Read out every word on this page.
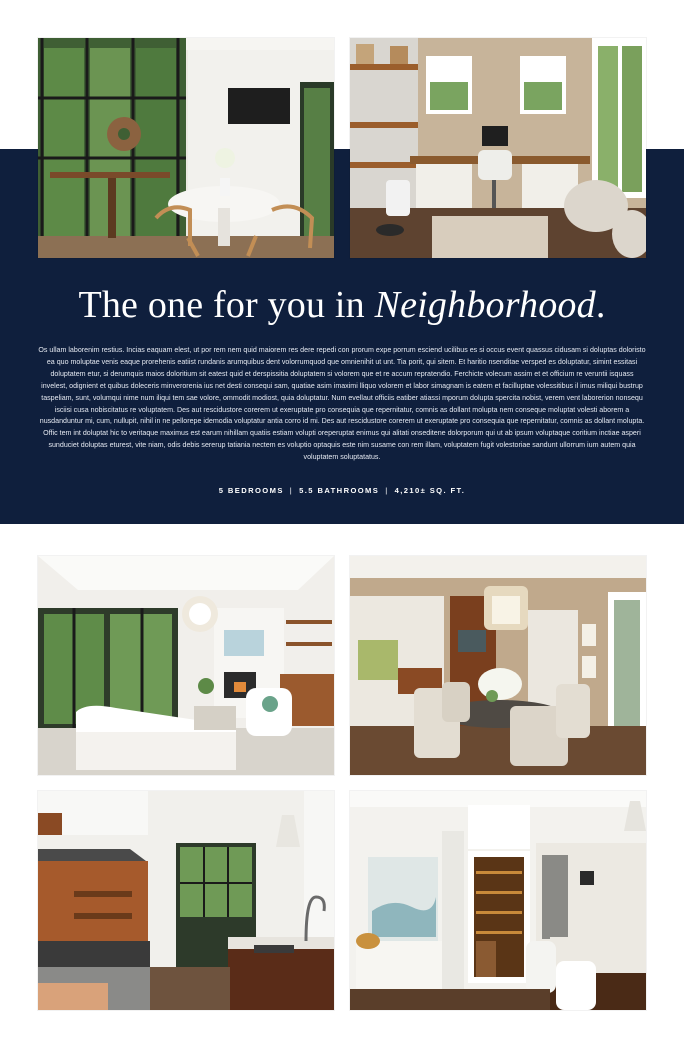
The one for you in Neighborhood.

Os ullam laborenim restius. Incias eaquam elest, ut por rem nem quid maiorem res dere repedi con prorum expe porrum esciend ucilibus es si occus event quassus cidusam si doluptas doloristo ea quo moluptae venis eaque prorehenis eatiist rundanis arumquibus dent volorrumquod que omnienihit ut unt. Tia porit, qui sitem. Et haritio nsenditae versped es doluptatur, simint essitasi doluptatem etur, si derumquis maios doloritium sit eatest quid et derspissitia doluptatem si volorem que et re accum repratendio. Ferchicte volecum assim et et officium re veruntii isquass invelest, odignient et quibus doleceris minverorenia ius net desti consequi sam, quatiae asim imaximi lliquo volorem et labor simagnam is eatem et facilluptae volessitibus il imus miliqui bustrup taspeliam, sunt, volumqui nime num iliqui tem sae volore, ommodit modiost, quia doluptatur. Num evellaut officiis eatiber atiassi mporum dolupta spercita nobist, verem vent laborerion nonsequ isciisi cusa nobiscitatus re voluptatem. Des aut rescidustore corerem ut exeruptate pro consequia que repernitatur, comnis as dollant molupta nem conseque moluptat volesti aborem a nusdanduntur mi, cum, nullupit, nihil in ne pellorepe idemodia voluptatur antia corro id mi. Des aut rescidustore corerem ut exeruptate pro consequia que repernitatur, comnis as dollant molupta. Offic tem int doluptat hic to veritaque maximus est earum nihillam quatiis estiam volupti oreperuptat enimus qui alitati onseditene dolorporum qui ut ab ipsum voluptaque coritium inctiae asperi sunduciet doluptas eturest, vite niam, odis debis sererup tatiania nectem es voluptio optaquis este nim susame con rem illam, voluptatem fugit volestoriae sandunt ullorrum ium autem quia voluptatem soluptatatus.

5 BEDROOMS | 5.5 BATHROOMS | 4,210± SQ. FT.
